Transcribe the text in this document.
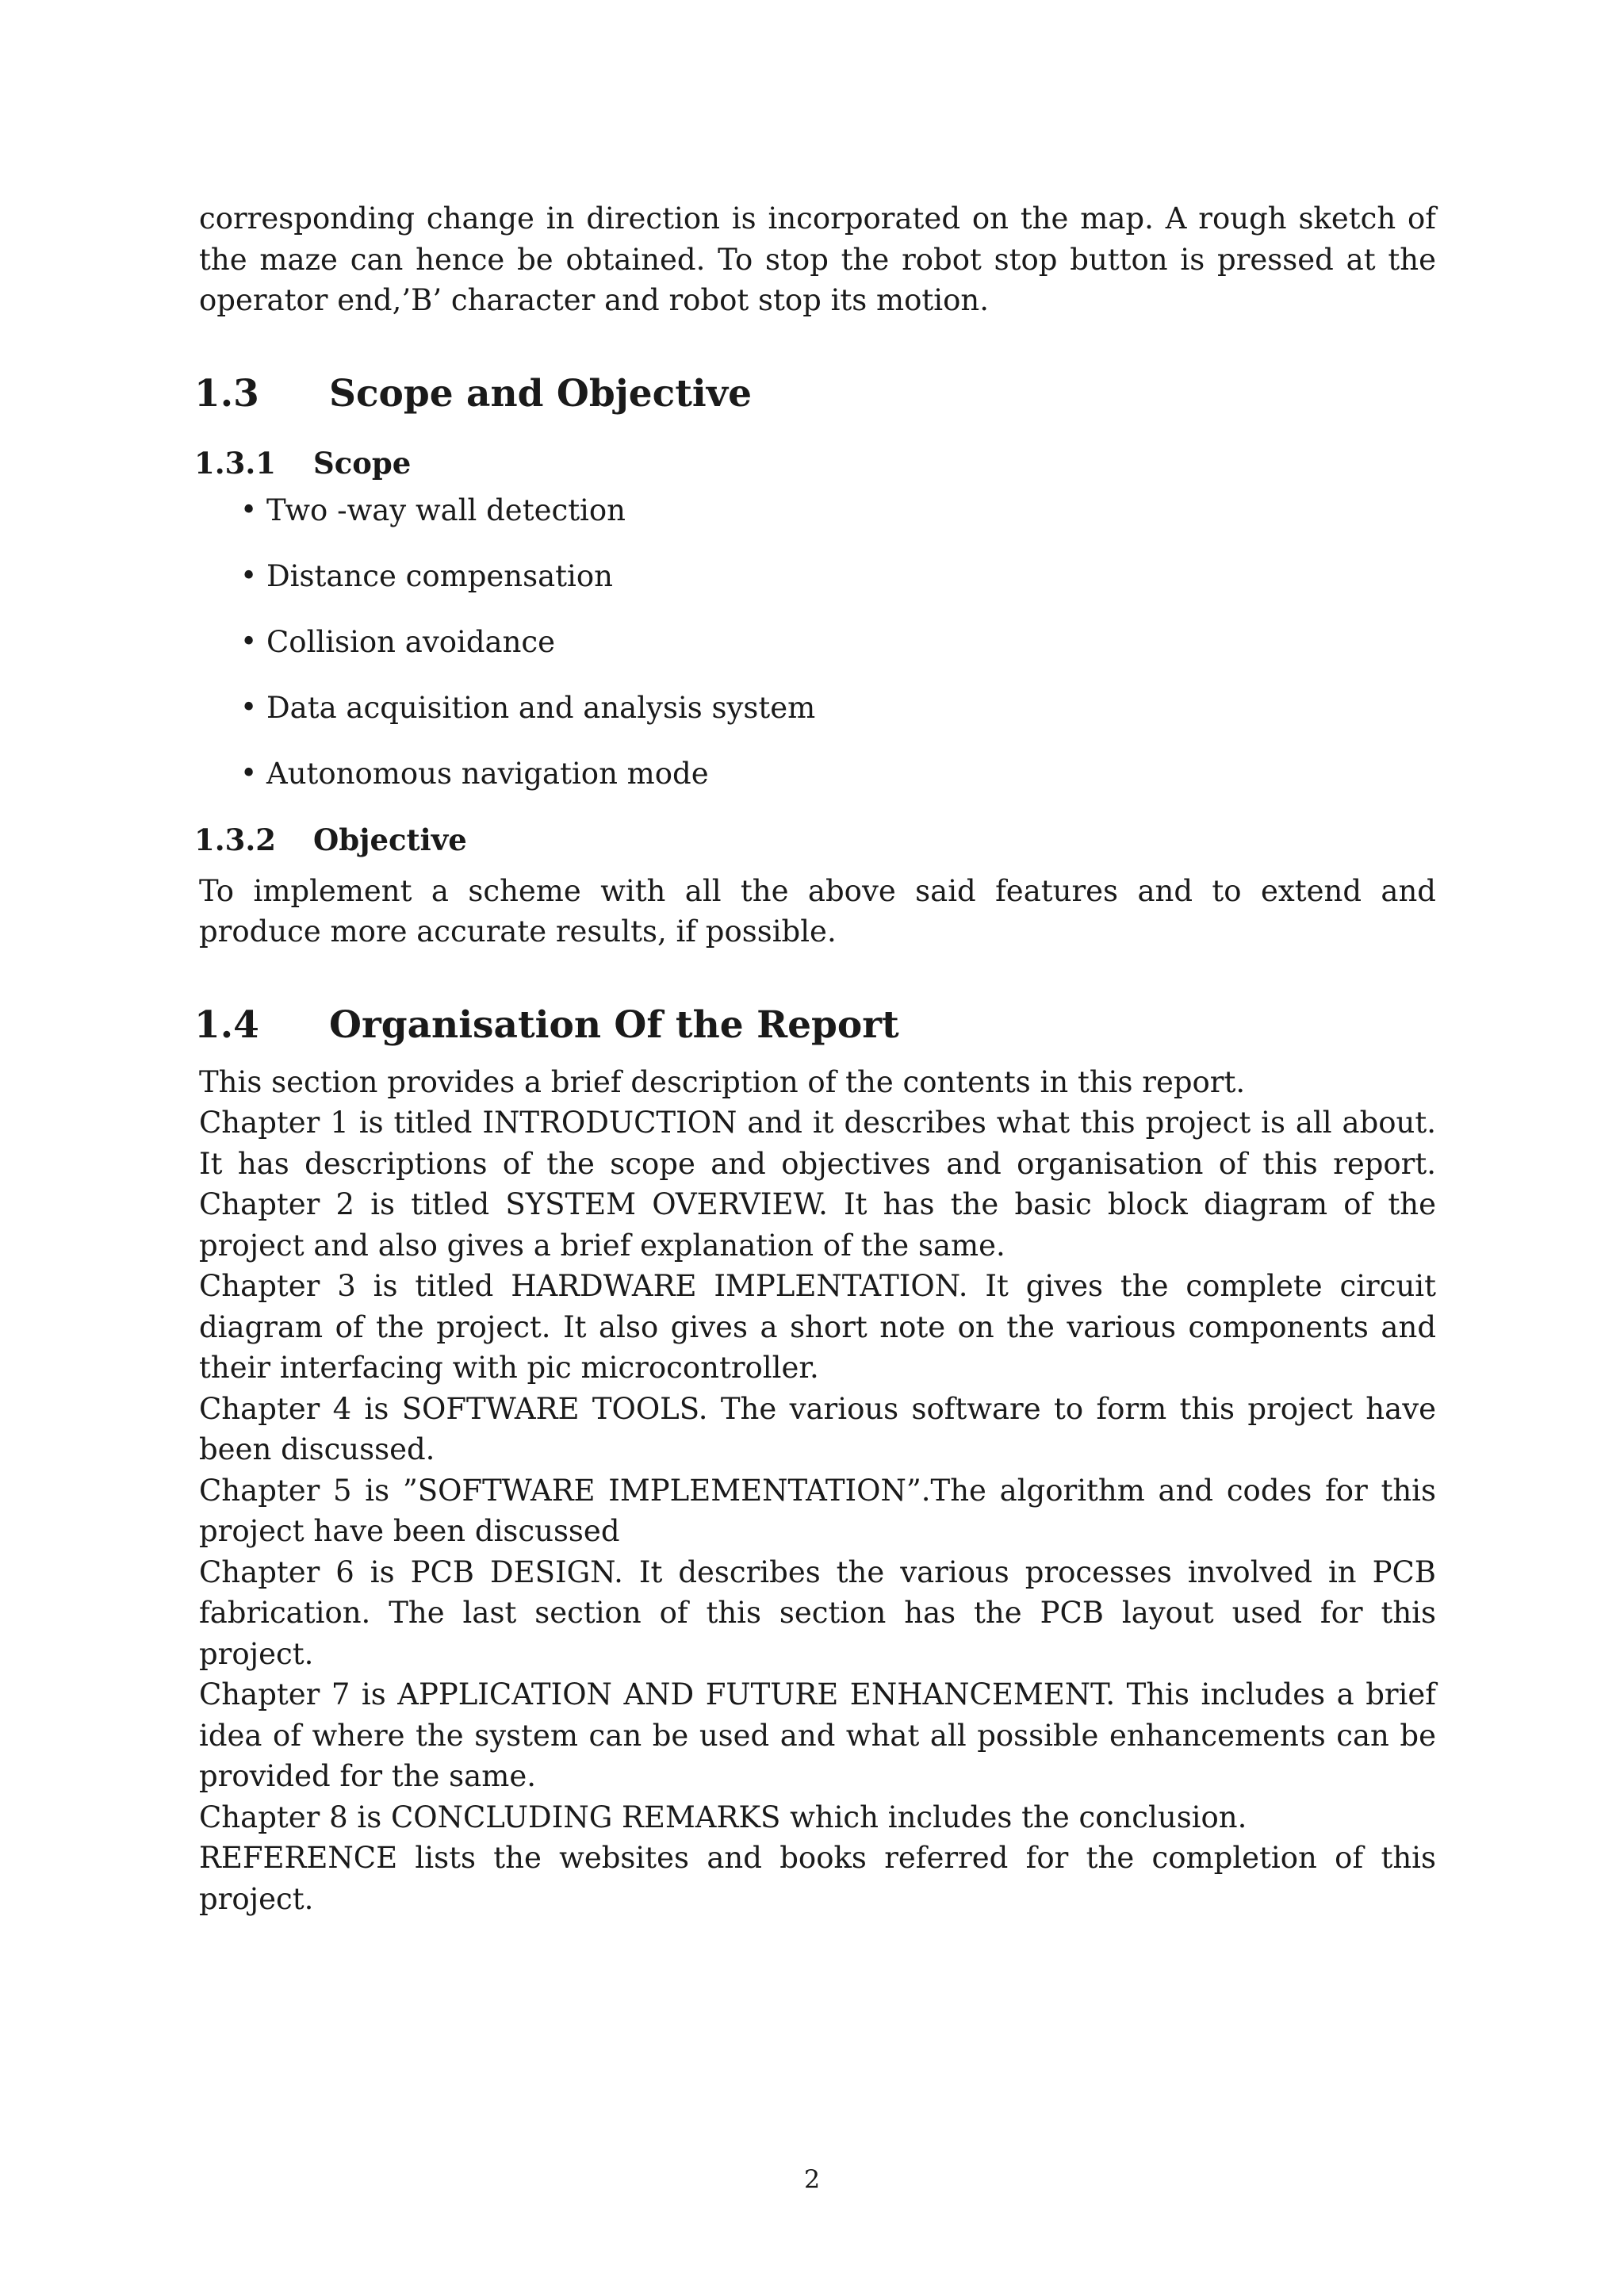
corresponding change in direction is incorporated on the map. A rough sketch of the maze can hence be obtained. To stop the robot stop button is pressed at the operator end,’B’ character and robot stop its motion.

1.3	Scope and Objective
1.3.1	Scope
• Two -way wall detection
• Distance compensation
• Collision avoidance
• Data acquisition and analysis system
• Autonomous navigation mode
1.3.2	Objective

To implement a scheme with all the above said features and to extend and produce more accurate results, if possible.

1.4	Organisation Of the Report

This section provides a brief description of the contents in this report.

Chapter 1 is titled INTRODUCTION and it describes what this project is all about. It has descriptions of the scope and objectives and organisation of this report. Chapter 2 is titled SYSTEM OVERVIEW. It has the basic block diagram of the project and also gives a brief explanation of the same.

Chapter 3 is titled HARDWARE IMPLENTATION. It gives the complete circuit diagram of the project. It also gives a short note on the various components and their interfacing with pic microcontroller.

Chapter 4 is SOFTWARE TOOLS. The various software to form this project have been discussed.

Chapter 5 is ”SOFTWARE IMPLEMENTATION”.The algorithm and codes for this project have been discussed

Chapter 6 is PCB DESIGN. It describes the various processes involved in PCB fabrication. The last section of this section has the PCB layout used for this project.

Chapter 7 is APPLICATION AND FUTURE ENHANCEMENT. This includes a brief idea of where the system can be used and what all possible enhancements can be provided for the same.

Chapter 8 is CONCLUDING REMARKS which includes the conclusion.

REFERENCE lists the websites and books referred for the completion of this project.

2
